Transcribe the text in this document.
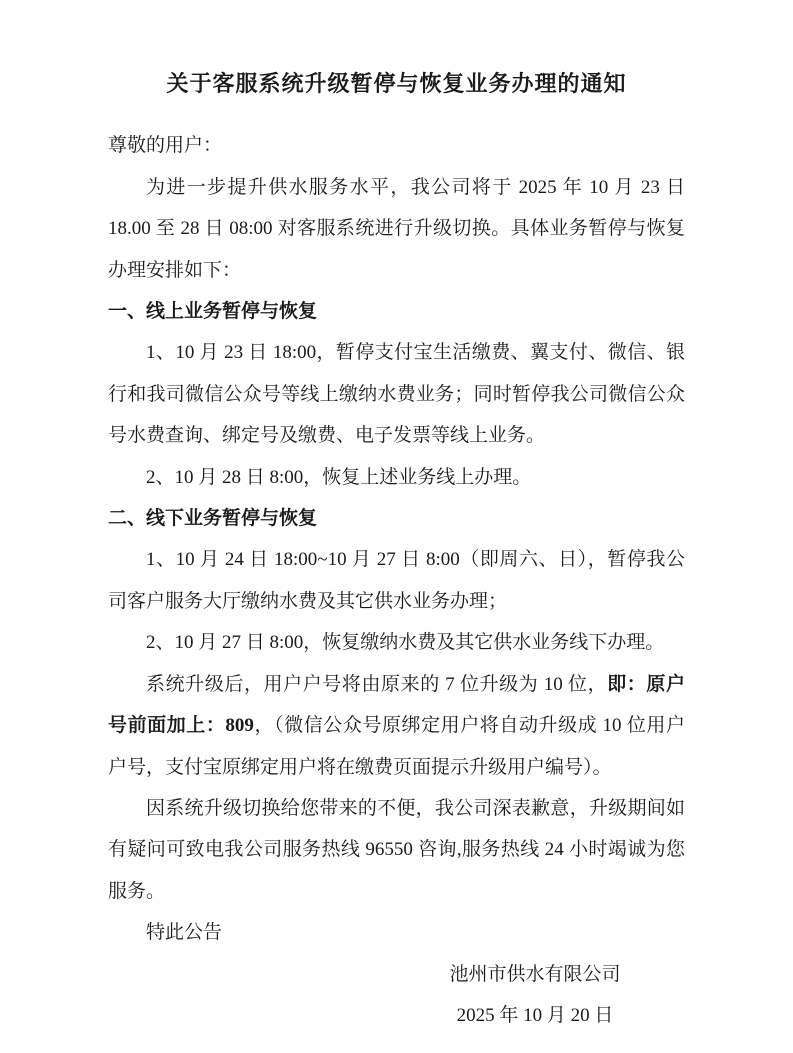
关于客服系统升级暂停与恢复业务办理的通知

尊敬的用户：

为进一步提升供水服务水平，我公司将于 2025 年 10 月 23 日 18.00 至 28 日 08:00 对客服系统进行升级切换。具体业务暂停与恢复办理安排如下：

一、线上业务暂停与恢复

1、10 月 23 日 18:00，暂停支付宝生活缴费、翼支付、微信、银行和我司微信公众号等线上缴纳水费业务；同时暂停我公司微信公众号水费查询、绑定号及缴费、电子发票等线上业务。

2、10 月 28 日 8:00，恢复上述业务线上办理。

二、线下业务暂停与恢复

1、10 月 24 日 18:00~10 月 27 日 8:00（即周六、日），暂停我公司客户服务大厅缴纳水费及其它供水业务办理；

2、10 月 27 日 8:00，恢复缴纳水费及其它供水业务线下办理。

系统升级后，用户户号将由原来的 7 位升级为 10 位，即：原户号前面加上：809，（微信公众号原绑定用户将自动升级成 10 位用户户号，支付宝原绑定用户将在缴费页面提示升级用户编号）。

因系统升级切换给您带来的不便，我公司深表歉意，升级期间如有疑问可致电我公司服务热线 96550 咨询,服务热线 24 小时竭诚为您服务。

特此公告

池州市供水有限公司

2025 年 10 月 20 日
